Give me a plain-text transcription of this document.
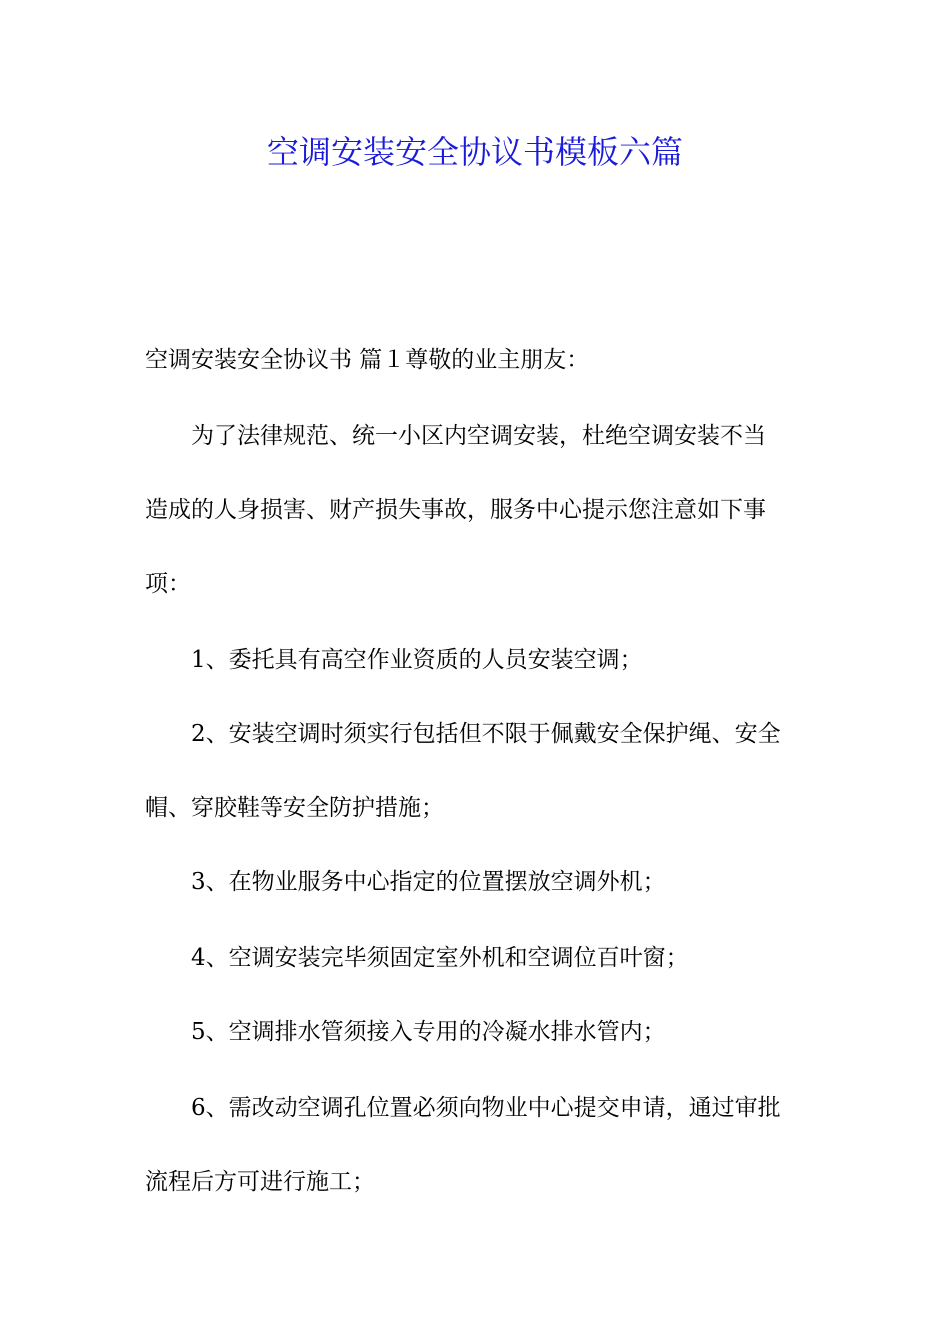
空调安装安全协议书模板六篇
空调安装安全协议书 篇１尊敬的业主朋友：
为了法律规范、统一小区内空调安装，杜绝空调安装不当
造成的人身损害、财产损失事故，服务中心提示您注意如下事
项：
1、委托具有高空作业资质的人员安装空调；
2、安装空调时须实行包括但不限于佩戴安全保护绳、安全
帽、穿胶鞋等安全防护措施；
3、在物业服务中心指定的位置摆放空调外机；
4、空调安装完毕须固定室外机和空调位百叶窗；
5、空调排水管须接入专用的冷凝水排水管内；
6、需改动空调孔位置必须向物业中心提交申请，通过审批
流程后方可进行施工；
